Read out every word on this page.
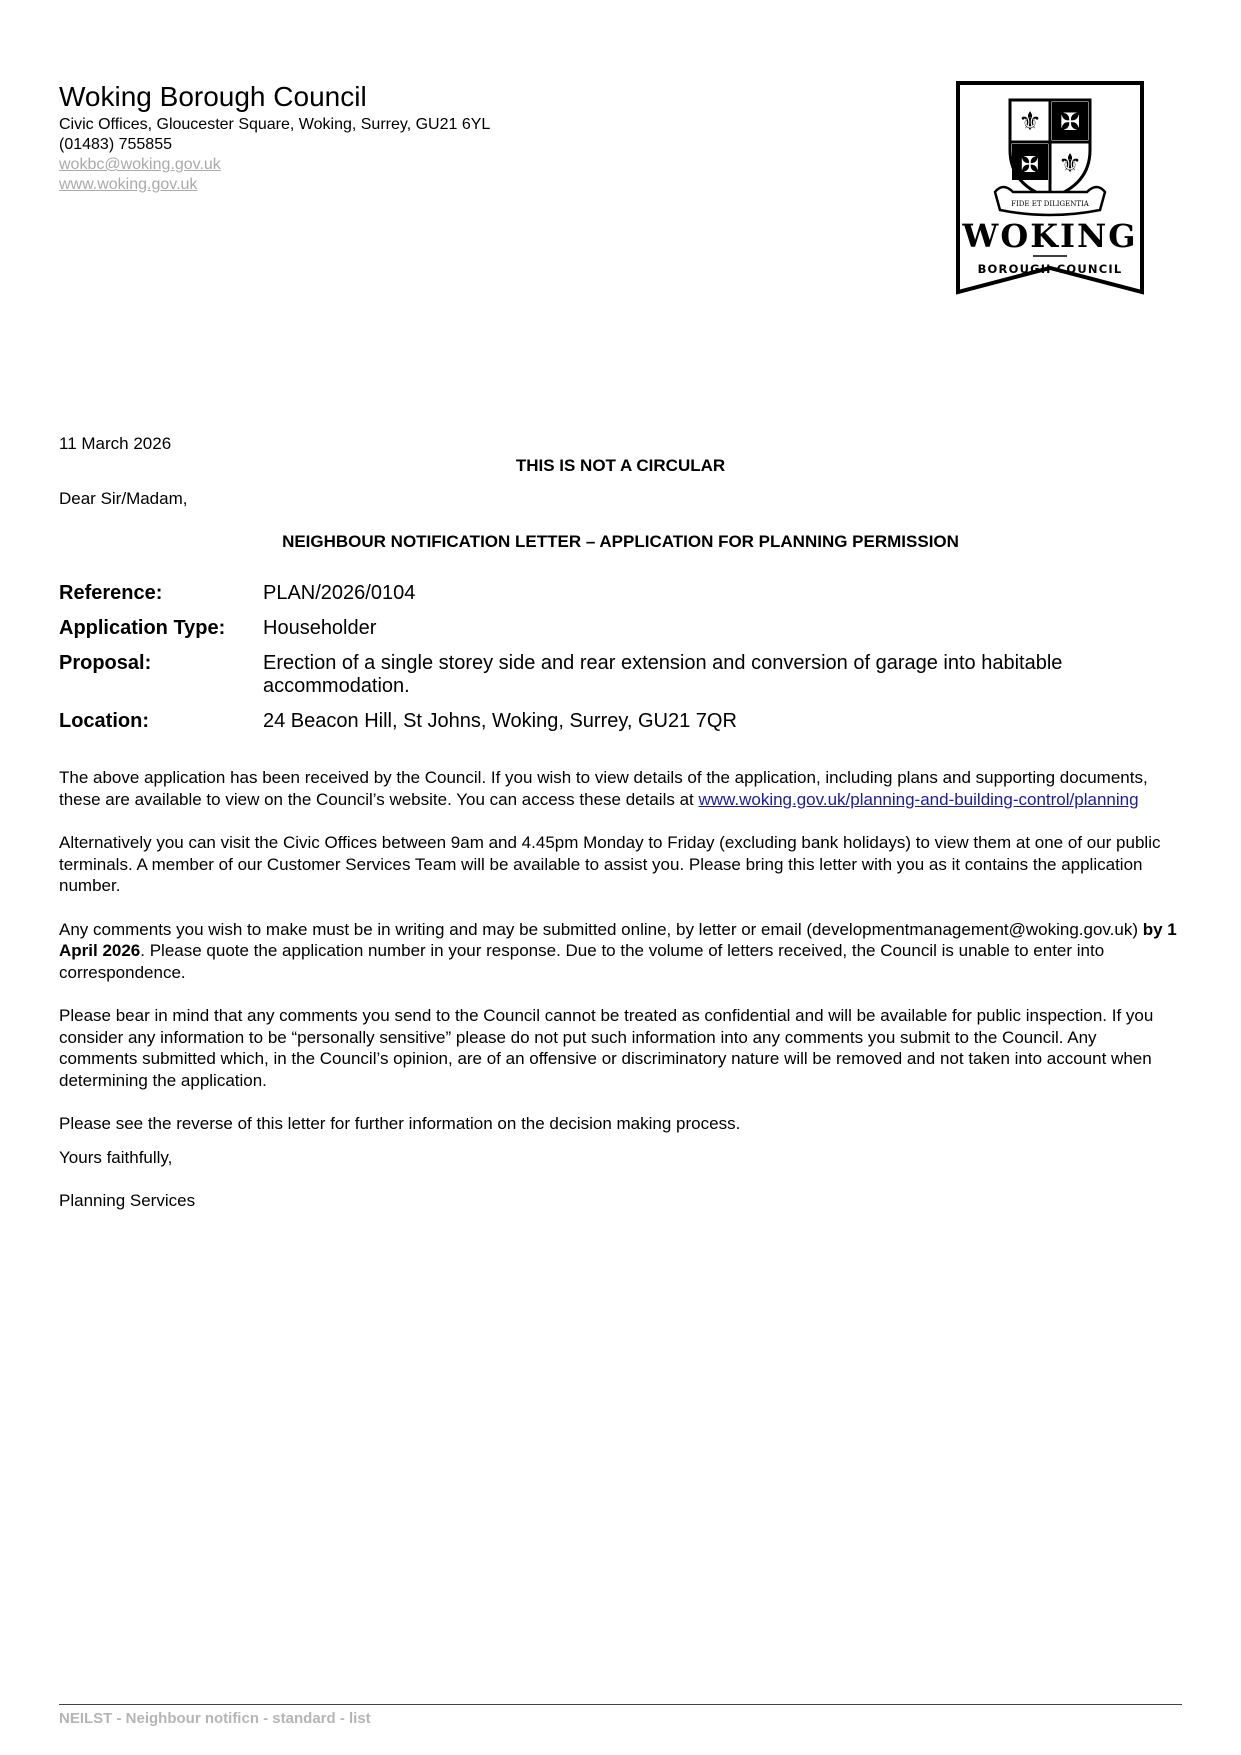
Woking Borough Council
Civic Offices, Gloucester Square, Woking, Surrey, GU21 6YL
(01483) 755855
wokbc@woking.gov.uk
www.woking.gov.uk
⚜ ✠
✠ ⚜
FIDE ET DILIGENTIA
WOKING
BOROUGH COUNCIL
11 March 2026
THIS IS NOT A CIRCULAR
Dear Sir/Madam,
NEIGHBOUR NOTIFICATION LETTER – APPLICATION FOR PLANNING PERMISSION
Reference:	PLAN/2026/0104
Application Type:	Householder
Proposal:	Erection of a single storey side and rear extension and conversion of garage into habitable accommodation.
Location:	24 Beacon Hill, St Johns, Woking, Surrey, GU21 7QR

The above application has been received by the Council. If you wish to view details of the application, including plans and supporting documents, these are available to view on the Council’s website. You can access these details at www.woking.gov.uk/planning-and-building-control/planning

Alternatively you can visit the Civic Offices between 9am and 4.45pm Monday to Friday (excluding bank holidays) to view them at one of our public terminals. A member of our Customer Services Team will be available to assist you. Please bring this letter with you as it contains the application number.

Any comments you wish to make must be in writing and may be submitted online, by letter or email (developmentmanagement@woking.gov.uk) by 1 April 2026. Please quote the application number in your response. Due to the volume of letters received, the Council is unable to enter into correspondence.

Please bear in mind that any comments you send to the Council cannot be treated as confidential and will be available for public inspection. If you consider any information to be “personally sensitive” please do not put such information into any comments you submit to the Council. Any comments submitted which, in the Council’s opinion, are of an offensive or discriminatory nature will be removed and not taken into account when determining the application.

Please see the reverse of this letter for further information on the decision making process.

Yours faithfully,

Planning Services

NEILST - Neighbour notificn - standard - list
